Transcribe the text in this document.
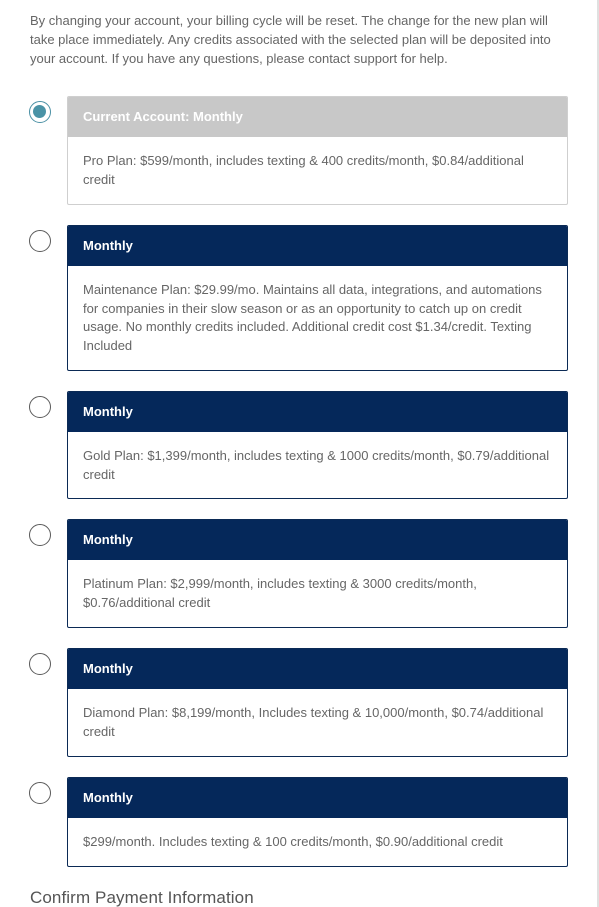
By changing your account, your billing cycle will be reset. The change for the new plan will take place immediately. Any credits associated with the selected plan will be deposited into your account. If you have any questions, please contact support for help.

Current Account: Monthly
Pro Plan: $599/month, includes texting & 400 credits/month, $0.84/additional credit
Monthly
Maintenance Plan: $29.99/mo. Maintains all data, integrations, and automations for companies in their slow season or as an opportunity to catch up on credit usage. No monthly credits included. Additional credit cost $1.34/credit. Texting Included
Monthly
Gold Plan: $1,399/month, includes texting & 1000 credits/month, $0.79/additional credit
Monthly
Platinum Plan: $2,999/month, includes texting & 3000 credits/month, $0.76/additional credit
Monthly
Diamond Plan: $8,199/month, Includes texting & 10,000/month, $0.74/additional credit
Monthly
$299/month. Includes texting & 100 credits/month, $0.90/additional credit
Confirm Payment Information
